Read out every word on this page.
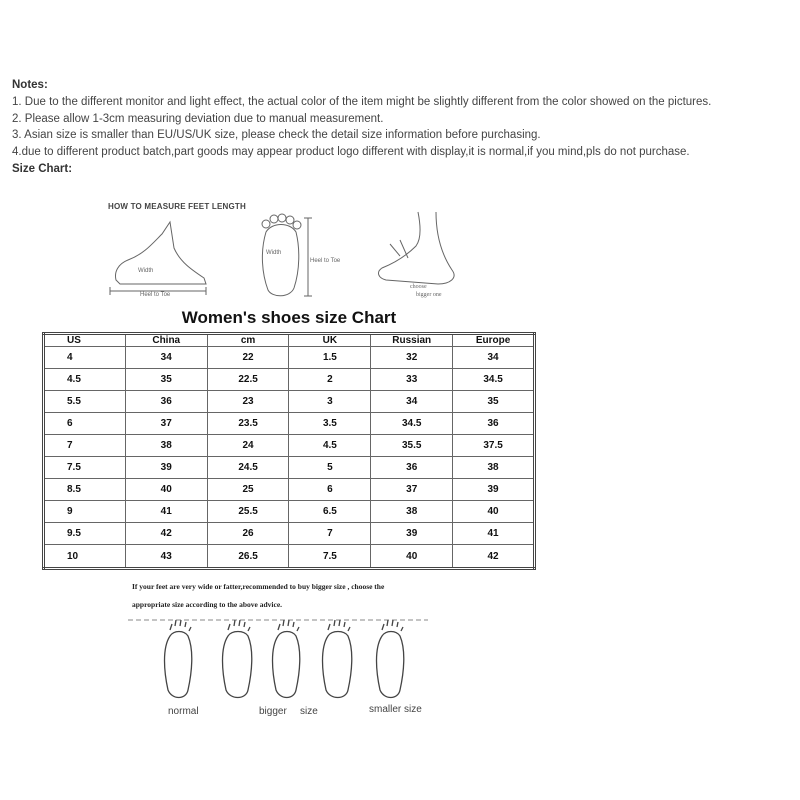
Notes:
1. Due to the different monitor and light effect, the actual color of the item might be slightly different from the color showed on the pictures.
2. Please allow 1-3cm measuring deviation due to manual measurement.
3. Asian size is smaller than EU/US/UK size, please check the detail size information before purchasing.
4.due to different product batch,part goods may appear product logo different with display,it is normal,if you mind,pls do not purchase.
Size Chart:
Width
Heel to Toe
Width
Heel to Toe
choose
bigger one
HOW TO MEASURE FEET LENGTH
Women's shoes size Chart
US	China	cm	UK	Russian	Europe
4	34	22	1.5	32	34
4.5	35	22.5	2	33	34.5
5.5	36	23	3	34	35
6	37	23.5	3.5	34.5	36
7	38	24	4.5	35.5	37.5
7.5	39	24.5	5	36	38
8.5	40	25	6	37	39
9	41	25.5	6.5	38	40
9.5	42	26	7	39	41
10	43	26.5	7.5	40	42
If your feet are very wide or fatter,recommended to buy bigger size , choose the
appropriate size according to the above advice.
normal	bigger size	smaller size
